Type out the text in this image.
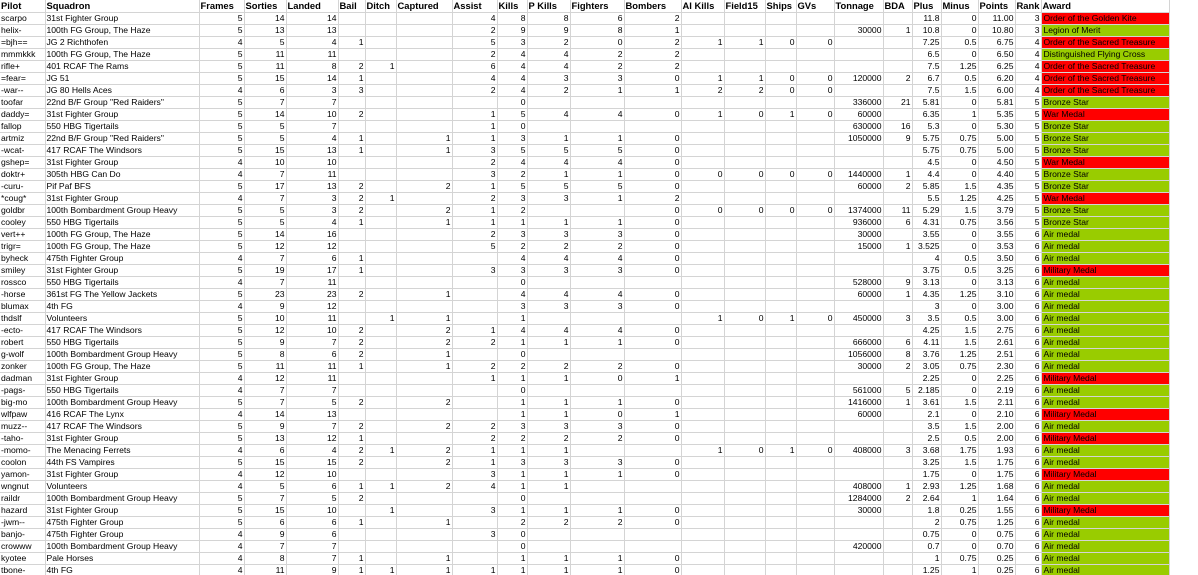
Pilot	Squadron	Frames	Sorties	Landed	Bail	Ditch	Captured	Assist	Kills	P Kills	Fighters	Bombers	AI Kills	Field15	Ships	GVs	Tonnage	BDA	Plus	Minus	Points	Rank	Award
scarpo	31st Fighter Group	5	14	14				4	8	8	6	2							11.8	0	11.00	3	Order of the Golden Kite
helix-	100th FG Group, The Haze	5	13	13				2	9	9	8	1					30000	1	10.8	0	10.80	3	Legion of Merit
=bjh==	JG 2 Richthofen	4	5	4	1			5	3	2	0	2	1	1	0	0			7.25	0.5	6.75	4	Order of the Sacred Treasure
mmmkkk	100th FG Group, The Haze	5	11	11				2	4	4	2	2							6.5	0	6.50	4	Distinguished Flying Cross
rifle+	401 RCAF The Rams	5	11	8	2	1		6	4	4	2	2							7.5	1.25	6.25	4	Order of the Sacred Treasure
=fear=	JG 51	5	15	14	1			4	4	3	3	0	1	1	0	0	120000	2	6.7	0.5	6.20	4	Order of the Sacred Treasure
-war--	JG 80 Hells Aces	4	6	3	3			2	4	2	1	1	2	2	0	0			7.5	1.5	6.00	4	Order of the Sacred Treasure
toofar	22nd B/F Group "Red Raiders"	5	7	7					0								336000	21	5.81	0	5.81	5	Bronze Star
daddy=	31st Fighter Group	5	14	10	2			1	5	4	4	0	1	0	1	0	60000		6.35	1	5.35	5	War Medal
fallop	550 HBG Tigertails	5	5	7				1	0								630000	16	5.3	0	5.30	5	Bronze Star
artmiz	22nd B/F Group "Red Raiders"	5	5	4	1		1	1	3	1	1	0					1050000	9	5.75	0.75	5.00	5	Bronze Star
-wcat-	417 RCAF The Windsors	5	15	13	1		1	3	5	5	5	0							5.75	0.75	5.00	5	Bronze Star
gshep=	31st Fighter Group	4	10	10				2	4	4	4	0							4.5	0	4.50	5	War Medal
doktr+	305th HBG Can Do	4	7	11				3	2	1	1	0	0	0	0	0	1440000	1	4.4	0	4.40	5	Bronze Star
-curu-	Pif Paf BFS	5	17	13	2		2	1	5	5	5	0					60000	2	5.85	1.5	4.35	5	Bronze Star
*coug*	31st Fighter Group	4	7	3	2	1		2	3	3	1	2							5.5	1.25	4.25	5	War Medal
goldbr	100th Bombardment Group Heavy	5	5	3	2		2	1	2			0	0	0	0	0	1374000	11	5.29	1.5	3.79	5	Bronze Star
cooley	550 HBG Tigertails	5	5	4	1		1	1	1	1	1	0					936000	6	4.31	0.75	3.56	5	Bronze Star
vert++	100th FG Group, The Haze	5	14	16				2	3	3	3	0					30000		3.55	0	3.55	6	Air medal
trigr=	100th FG Group, The Haze	5	12	12				5	2	2	2	0					15000	1	3.525	0	3.53	6	Air medal
byheck	475th Fighter Group	4	7	6	1				4	4	4	0							4	0.5	3.50	6	Air medal
smiley	31st Fighter Group	5	19	17	1			3	3	3	3	0							3.75	0.5	3.25	6	Military Medal
rossco	550 HBG Tigertails	4	7	11					0								528000	9	3.13	0	3.13	6	Air medal
-horse	361st FG The Yellow Jackets	5	23	23	2		1		4	4	4	0					60000	1	4.35	1.25	3.10	6	Air medal
blumax	4th FG	4	9	12					3	3	3	0							3	0	3.00	6	Air medal
thdslf	Volunteers	5	10	11		1	1		1				1	0	1	0	450000	3	3.5	0.5	3.00	6	Air medal
-ecto-	417 RCAF The Windsors	5	12	10	2		2	1	4	4	4	0							4.25	1.5	2.75	6	Air medal
robert	550 HBG Tigertails	5	9	7	2		2	2	1	1	1	0					666000	6	4.11	1.5	2.61	6	Air medal
g-wolf	100th Bombardment Group Heavy	5	8	6	2		1		0								1056000	8	3.76	1.25	2.51	6	Air medal
zonker	100th FG Group, The Haze	5	11	11	1		1	2	2	2	2	0					30000	2	3.05	0.75	2.30	6	Air medal
dadman	31st Fighter Group	4	12	11				1	1	1	0	1							2.25	0	2.25	6	Military Medal
-pags-	550 HBG Tigertails	4	7	7					0								561000	5	2.185	0	2.19	6	Air medal
big-mo	100th Bombardment Group Heavy	5	7	5	2		2		1	1	1	0					1416000	1	3.61	1.5	2.11	6	Air medal
wlfpaw	416 RCAF The Lynx	4	14	13					1	1	0	1					60000		2.1	0	2.10	6	Military Medal
muzz--	417 RCAF The Windsors	5	9	7	2		2	2	3	3	3	0							3.5	1.5	2.00	6	Air medal
-taho-	31st Fighter Group	5	13	12	1			2	2	2	2	0							2.5	0.5	2.00	6	Military Medal
-momo-	The Menacing Ferrets	4	6	4	2	1	2	1	1	1			1	0	1	0	408000	3	3.68	1.75	1.93	6	Air medal
coolon	44th FS Vampires	5	15	15	2		2	1	3	3	3	0							3.25	1.5	1.75	6	Air medal
yamon-	31st Fighter Group	4	12	10				3	1	1	1	0							1.75	0	1.75	6	Military Medal
wngnut	Volunteers	4	5	6	1	1	2	4	1	1							408000	1	2.93	1.25	1.68	6	Air medal
raildr	100th Bombardment Group Heavy	5	7	5	2				0								1284000	2	2.64	1	1.64	6	Air medal
hazard	31st Fighter Group	5	15	10		1		3	1	1	1	0					30000		1.8	0.25	1.55	6	Military Medal
-jwm--	475th Fighter Group	5	6	6	1		1		2	2	2	0							2	0.75	1.25	6	Air medal
banjo-	475th Fighter Group	4	9	6				3	0										0.75	0	0.75	6	Air medal
crowww	100th Bombardment Group Heavy	4	7	7					0								420000		0.7	0	0.70	6	Air medal
kyotee	Pale Horses	4	8	7	1		1		1	1	1	0							1	0.75	0.25	6	Air medal
tbone-	4th FG	4	11	9	1	1	1	1	1	1	1	0							1.25	1	0.25	6	Air medal
